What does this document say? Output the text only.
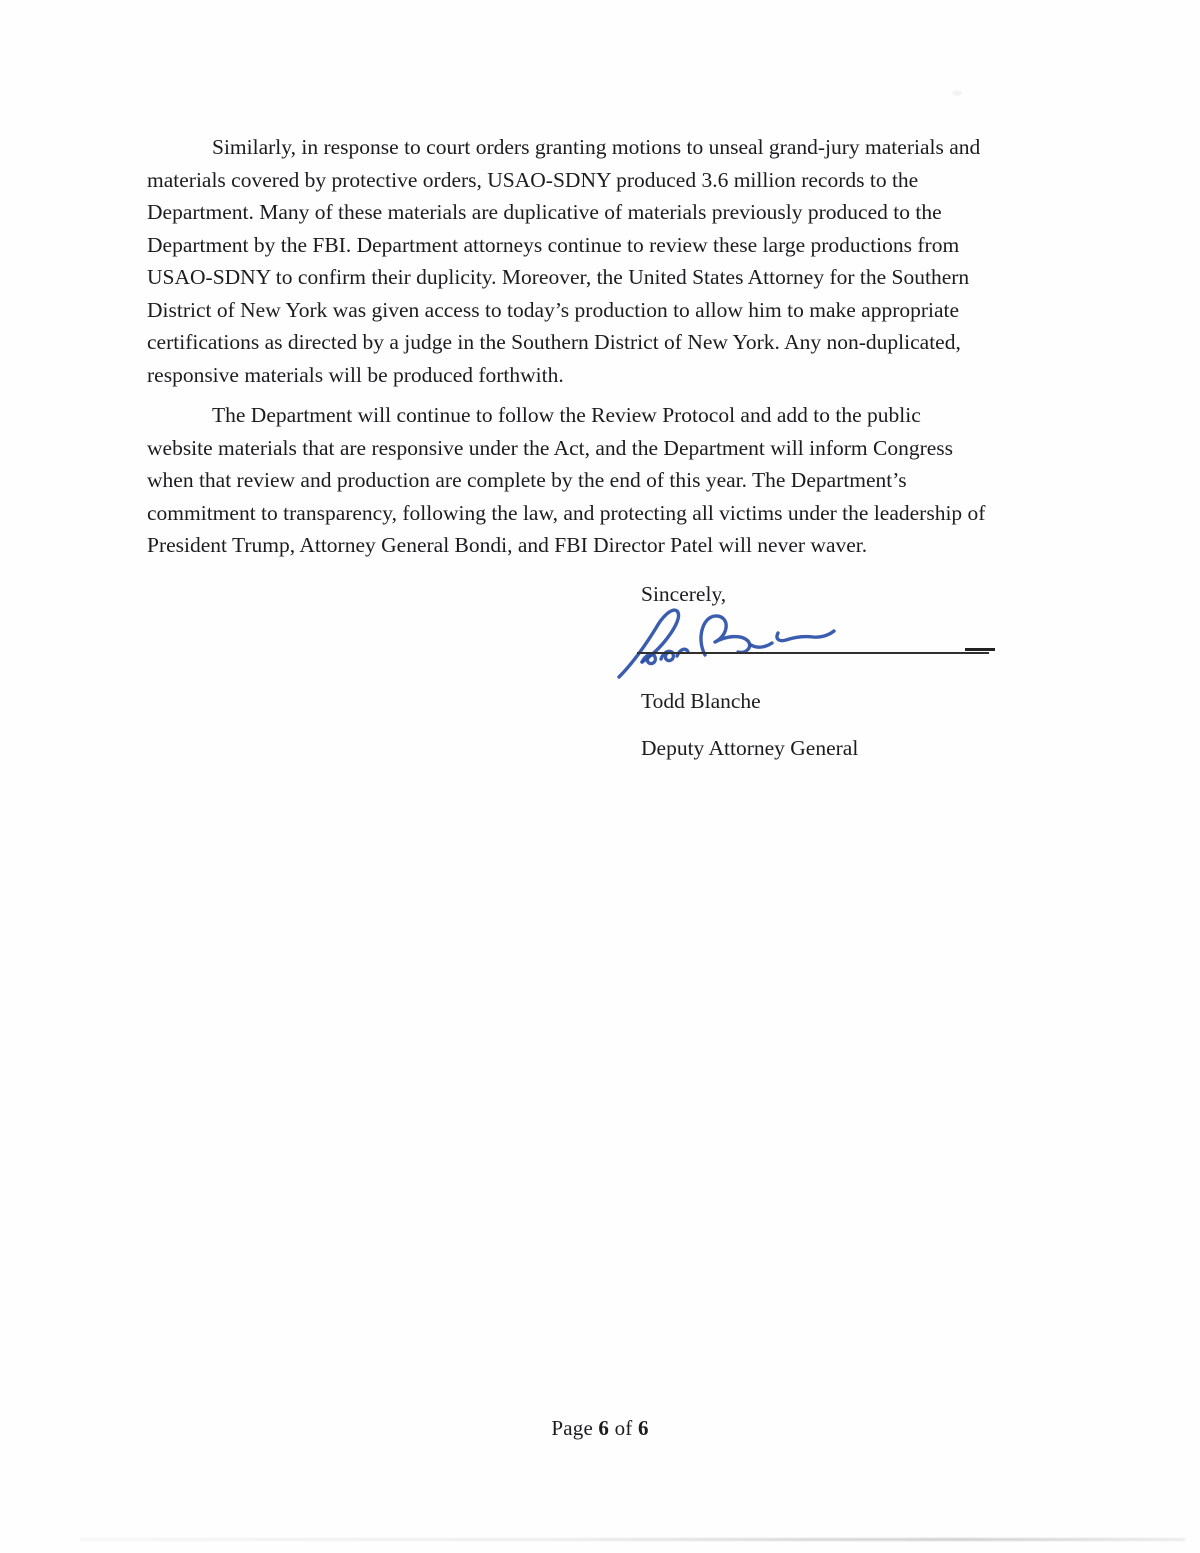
Similarly, in response to court orders granting motions to unseal grand-jury materials and
materials covered by protective orders, USAO-SDNY produced 3.6 million records to the
Department. Many of these materials are duplicative of materials previously produced to the
Department by the FBI. Department attorneys continue to review these large productions from
USAO-SDNY to confirm their duplicity. Moreover, the United States Attorney for the Southern
District of New York was given access to today’s production to allow him to make appropriate
certifications as directed by a judge in the Southern District of New York. Any non-duplicated,
responsive materials will be produced forthwith.
The Department will continue to follow the Review Protocol and add to the public
website materials that are responsive under the Act, and the Department will inform Congress
when that review and production are complete by the end of this year. The Department’s
commitment to transparency, following the law, and protecting all victims under the leadership of
President Trump, Attorney General Bondi, and FBI Director Patel will never waver.
Sincerely,
Todd Blanche
Deputy Attorney General
Page 6 of 6
